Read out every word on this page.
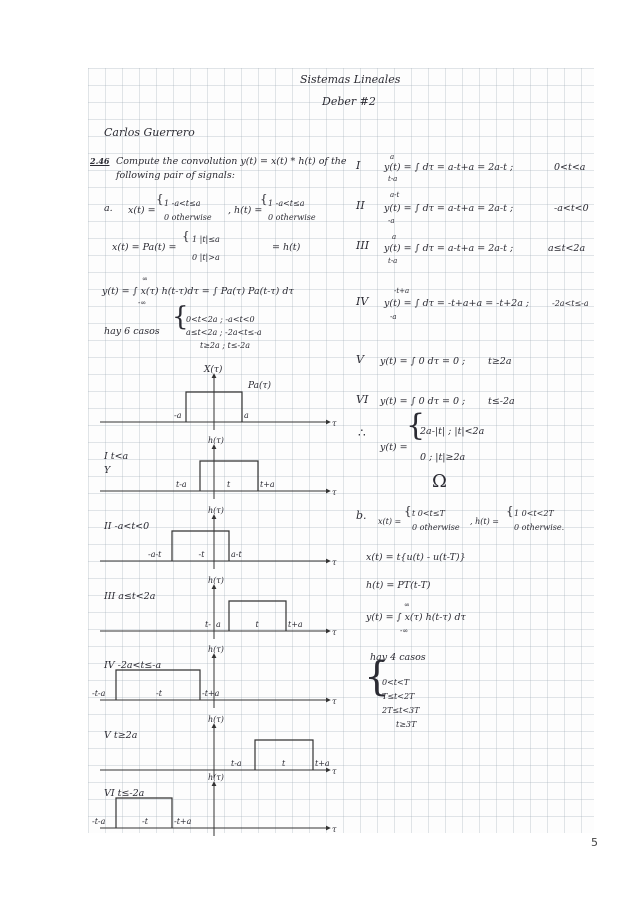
Sistemas Lineales
Deber #2
Carlos Guerrero
2.46 Compute the convolution y(t) = x(t) * h(t) of the
following pair of signals:
a. x(t) =
{ 1 -a<t≤a
0 otherwise
, h(t) =
{ 1 -a<t≤a
0 otherwise
x(t) = Pa(t) =
{ 1 |t|≤a
0 |t|>a
= h(t)
∞
y(t) = ∫ x(τ) h(t-τ)dτ = ∫ Pa(τ) Pa(t-τ) dτ
-∞
hay 6 casos {
0<t<2a ; -a<t<0
a≤t<2a ; -2a<t≤-a
t≥2a ; t≤-2a
I
a
y(t) = ∫ dτ = a-t+a = 2a-t ;
t-a
0<t<a
II
a-t
y(t) = ∫ dτ = a-t+a = 2a-t ;
-a
-a<t<0
III
a
y(t) = ∫ dτ = a-t+a = 2a-t ;
t-a
a≤t<2a
IV
-t+a
y(t) = ∫ dτ = -t+a+a = -t+2a ;
-a
-2a<t≤-a
V y(t) = ∫ 0 dτ = 0 ; t≥2a
VI y(t) = ∫ 0 dτ = 0 ; t≤-2a
∴
y(t) =
{
2a-|t| ; |t|<2a
0 ; |t|≥2a
Ω
b. x(t) =
{ t 0<t≤T
0 otherwise
, h(t) =
{ 1 0<t<2T
0 otherwise.
x(t) = t{u(t) - u(t-T)}
h(t) = PT(t-T)
∞
y(t) = ∫ x(τ) h(t-τ) dτ
-∞
hay 4 casos
{
0<t<T
T≤t<2T
2T≤t<3T
t≥3T
X(τ)
Pa(τ)
-a	a
τ
I t<a
h(τ)
t-a	t	t+a
τ
Y
II -a<t<0
h(τ)
-a-t	-t	a-t
τ
III a≤t<2a
h(τ)
t-	t	t+a
τ
a
IV -2a<t≤-a
h(τ)
-t-a	-t	-t+a
τ
V t≥2a
h(τ)
t-a	t	t+a
τ
VI t≤-2a
h(τ)
-t-a	-t	-t+a
τ
5
